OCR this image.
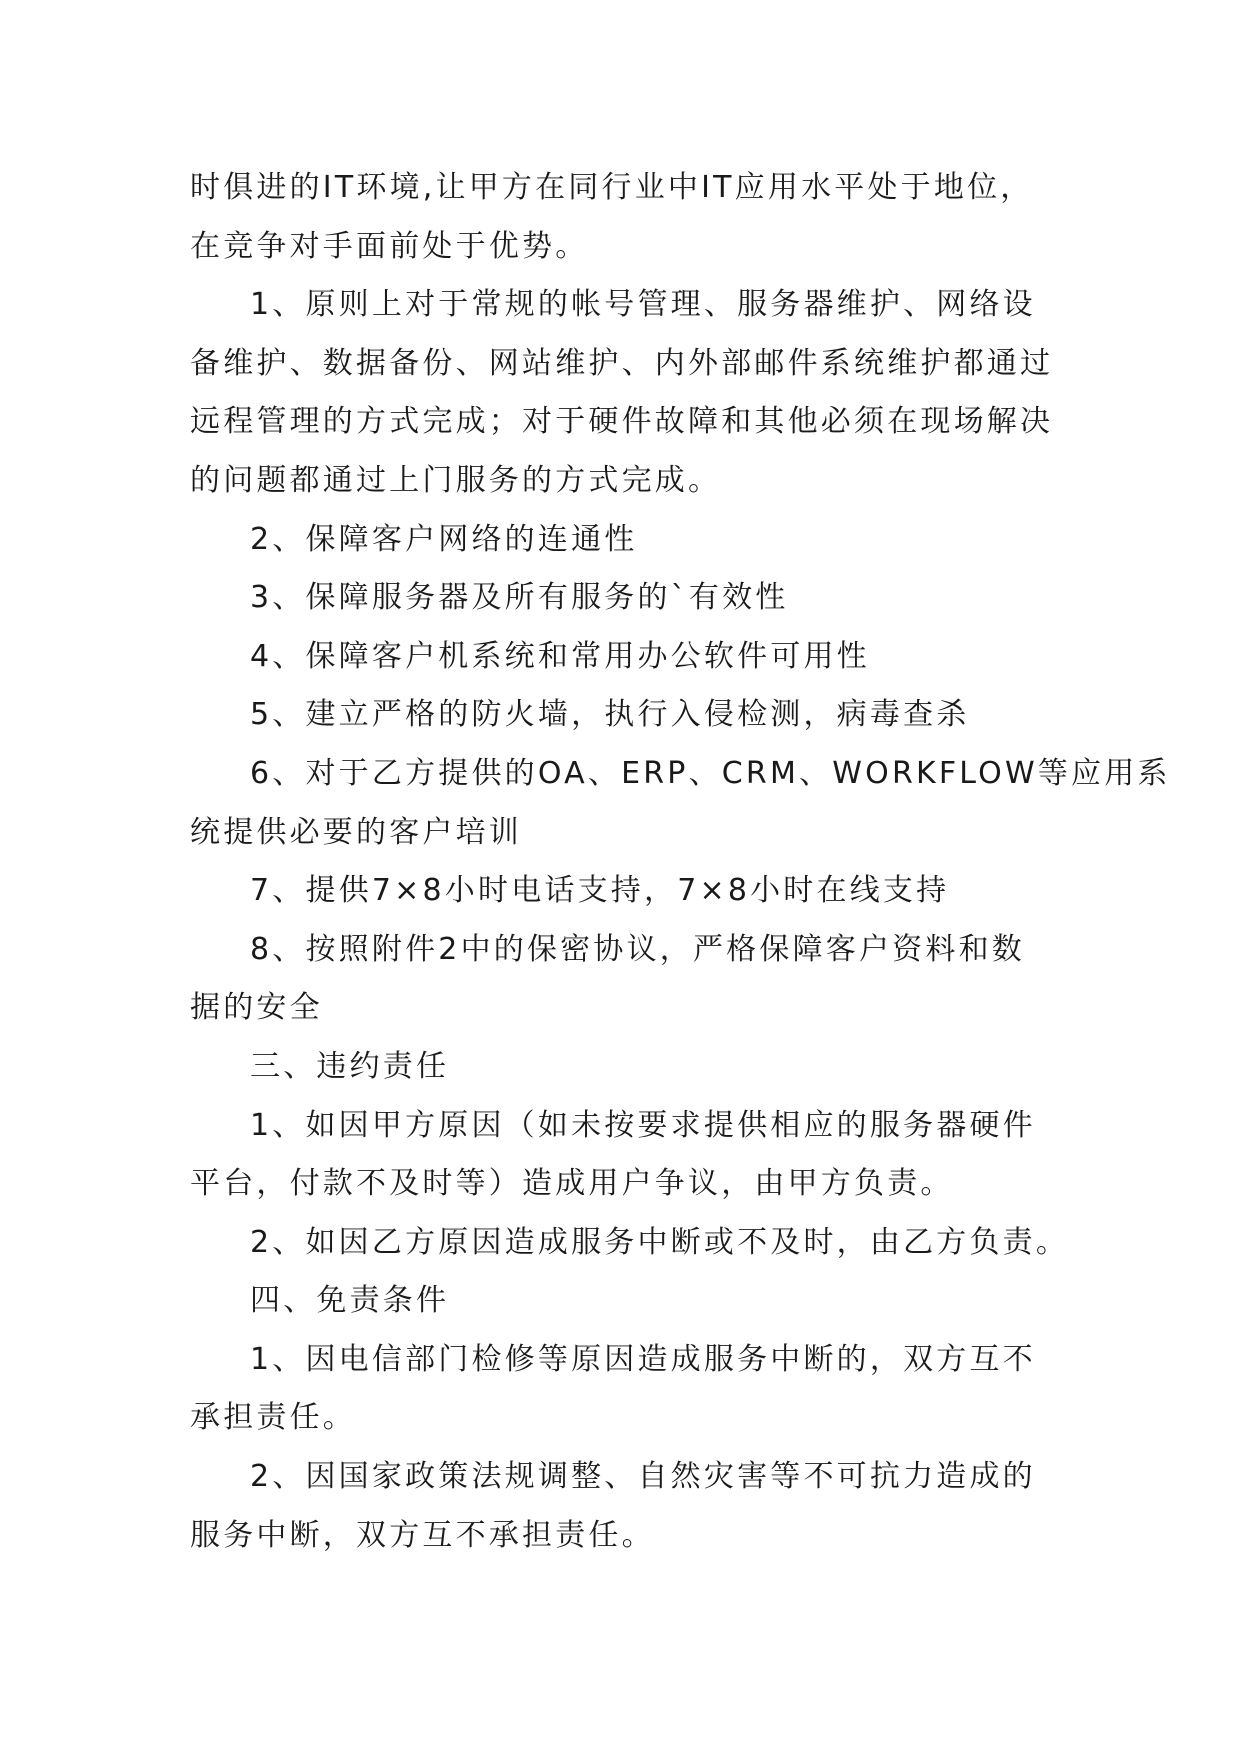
时俱进的IT环境,让甲方在同行业中IT应用水平处于地位，
在竞争对手面前处于优势。
1、原则上对于常规的帐号管理、服务器维护、网络设
备维护、数据备份、网站维护、内外部邮件系统维护都通过
远程管理的方式完成；对于硬件故障和其他必须在现场解决
的问题都通过上门服务的方式完成。
2、保障客户网络的连通性
3、保障服务器及所有服务的`有效性
4、保障客户机系统和常用办公软件可用性
5、建立严格的防火墙，执行入侵检测，病毒查杀
6、对于乙方提供的OA、ERP、CRM、WORKFLOW等应用系
统提供必要的客户培训
7、提供7×8小时电话支持，7×8小时在线支持
8、按照附件2中的保密协议，严格保障客户资料和数
据的安全
三、违约责任
1、如因甲方原因（如未按要求提供相应的服务器硬件
平台，付款不及时等）造成用户争议，由甲方负责。
2、如因乙方原因造成服务中断或不及时，由乙方负责。
四、免责条件
1、因电信部门检修等原因造成服务中断的，双方互不
承担责任。
2、因国家政策法规调整、自然灾害等不可抗力造成的
服务中断，双方互不承担责任。
